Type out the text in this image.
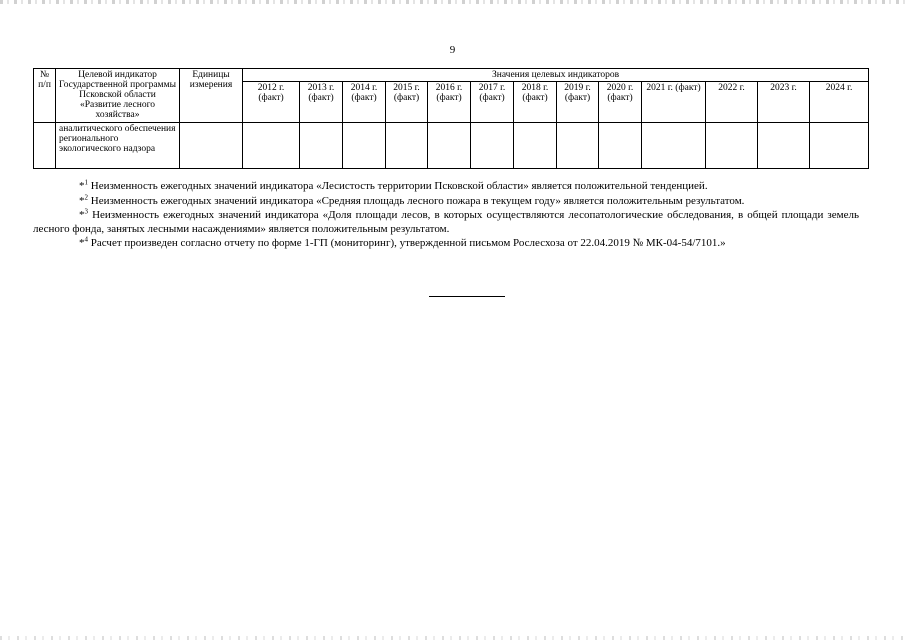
9
№ п/п	Целевой индикатор Государственной программы Псковской области «Развитие лесного хозяйства»	Единицы измерения	Значения целевых индикаторов												
			2012 г. (факт)	2013 г. (факт)	2014 г. (факт)	2015 г. (факт)	2016 г. (факт)	2017 г. (факт)	2018 г. (факт)	2019 г. (факт)	2020 г. (факт)	2021 г. (факт)	2022 г.	2023 г.	2024 г.
	аналитического обеспечения регионального экологического надзора														

*$^1$ Неизменность ежегодных значений индикатора «Лесистость территории Псковской области» является положительной тенденцией.

*$^2$ Неизменность ежегодных значений индикатора «Средняя площадь лесного пожара в текущем году» является положительным результатом.

*$^3$ Неизменность ежегодных значений индикатора «Доля площади лесов, в которых осуществляются лесопатологические обследования, в общей площади земель лесного фонда, занятых лесными насаждениями» является положительным результатом.

*$^4$ Расчет произведен согласно отчету по форме 1-ГП (мониторинг), утвержденной письмом Рослесхоза от 22.04.2019 № МК-04-54/7101.»
